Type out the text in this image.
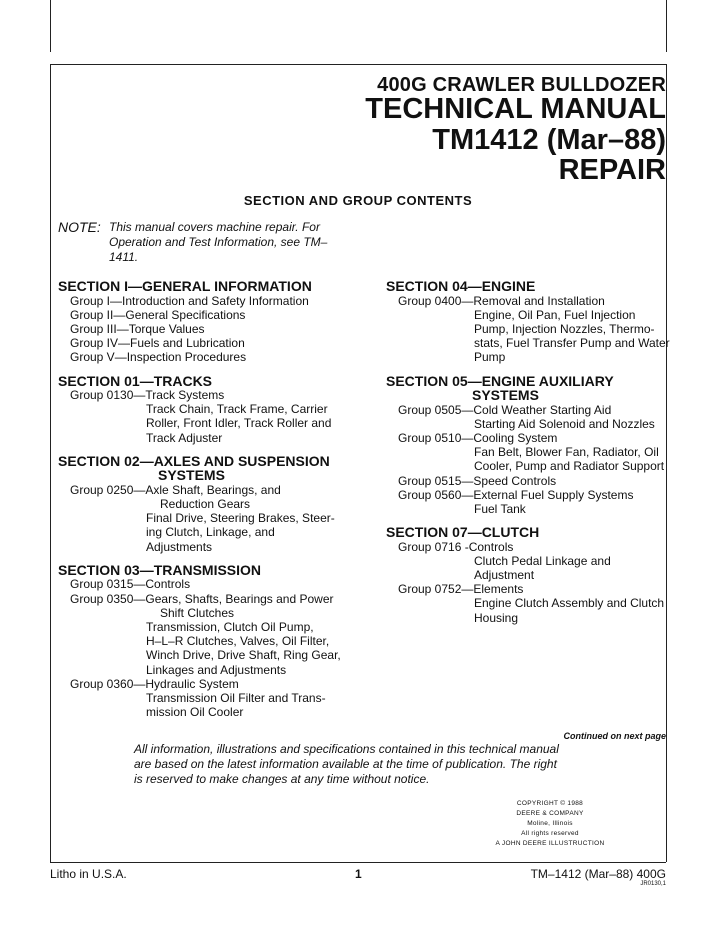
400G CRAWLER BULLDOZER
TECHNICAL MANUAL
TM1412 (Mar–88)
REPAIR
SECTION AND GROUP CONTENTS
NOTE: This manual covers machine repair. For
Operation and Test Information, see TM–
1411.
SECTION I—GENERAL INFORMATION
Group I— Introduction and Safety Information
Group II— General Specifications
Group III— Torque Values
Group IV— Fuels and Lubrication
Group V— Inspection Procedures
SECTION 01—TRACKS
Group 0130— Track Systems
Track Chain, Track Frame, Carrier
Roller, Front Idler, Track Roller and
Track Adjuster
SECTION 02—AXLES AND SUSPENSION
SYSTEMS
Group 0250— Axle Shaft, Bearings, and
Reduction Gears
Final Drive, Steering Brakes, Steer-
ing Clutch, Linkage, and
Adjustments
SECTION 03—TRANSMISSION
Group 0315— Controls
Group 0350— Gears, Shafts, Bearings and Power
Shift Clutches
Transmission, Clutch Oil Pump,
H–L–R Clutches, Valves, Oil Filter,
Winch Drive, Drive Shaft, Ring Gear,
Linkages and Adjustments
Group 0360— Hydraulic System
Transmission Oil Filter and Trans-
mission Oil Cooler
SECTION 04—ENGINE
Group 0400— Removal and Installation
Engine, Oil Pan, Fuel Injection
Pump, Injection Nozzles, Thermo-
stats, Fuel Transfer Pump and Water
Pump
SECTION 05—ENGINE AUXILIARY
SYSTEMS
Group 0505— Cold Weather Starting Aid
Starting Aid Solenoid and Nozzles
Group 0510— Cooling System
Fan Belt, Blower Fan, Radiator, Oil
Cooler, Pump and Radiator Support
Group 0515— Speed Controls
Group 0560— External Fuel Supply Systems
Fuel Tank
SECTION 07—CLUTCH
Group 0716 -Controls
Clutch Pedal Linkage and
Adjustment
Group 0752— Elements
Engine Clutch Assembly and Clutch
Housing
Continued on next page
All information, illustrations and specifications contained in this technical manual
are based on the latest information available at the time of publication. The right
is reserved to make changes at any time without notice.
COPYRIGHT © 1988
DEERE & COMPANY
Moline, Illinois
All rights reserved
A JOHN DEERE ILLUSTRUCTION
Litho in U.S.A.	1	TM–1412 (Mar–88) 400G
JR0130,1
